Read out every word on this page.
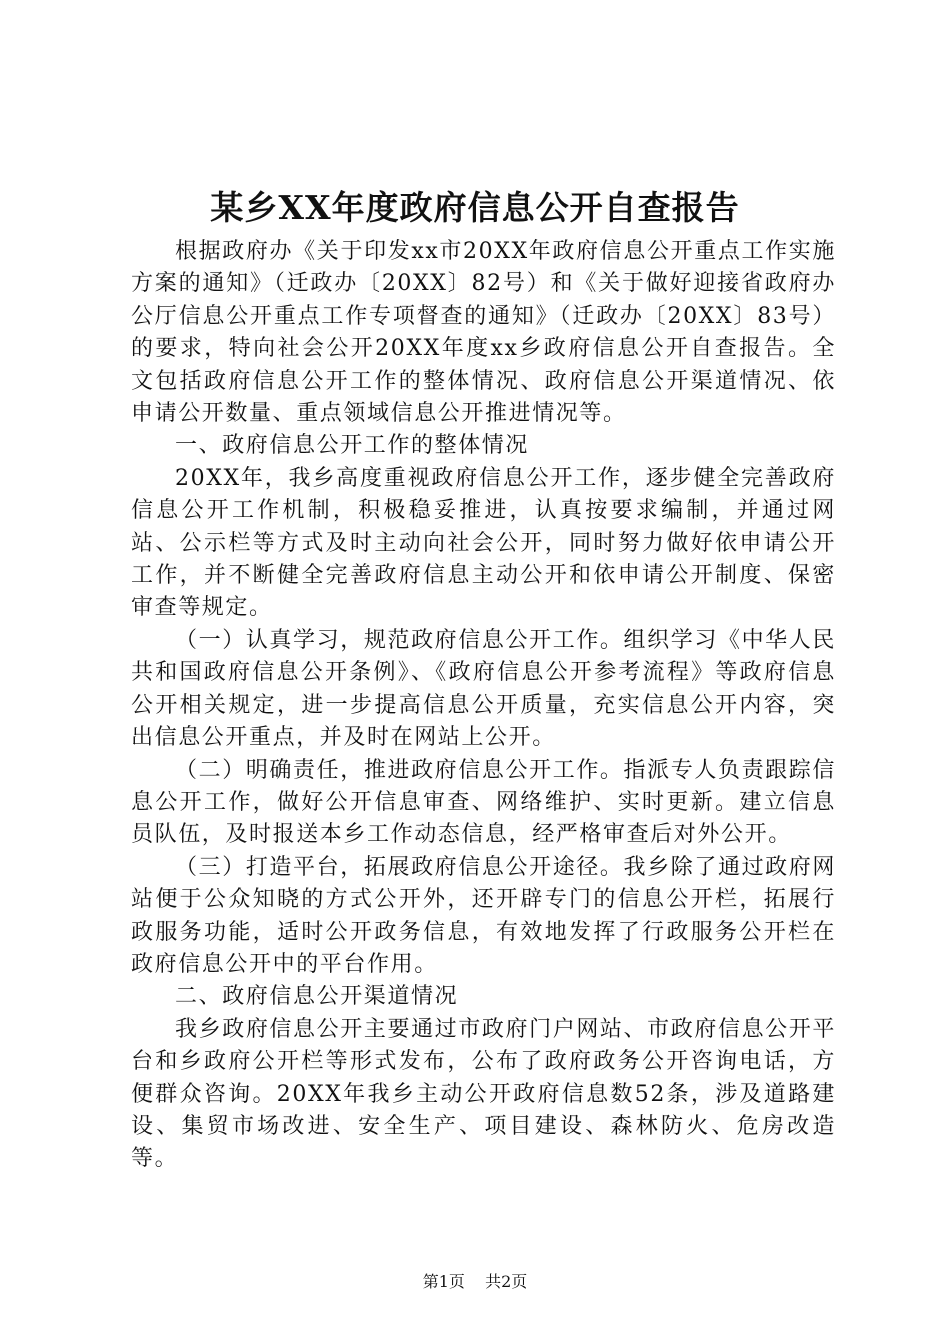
某乡XX年度政府信息公开自查报告

根据政府办《关于印发xx市20XX年政府信息公开重点工作实施方案的通知》（迁政办〔20XX〕82号）和《关于做好迎接省政府办公厅信息公开重点工作专项督查的通知》（迁政办〔20XX〕83号）的要求，特向社会公开20XX年度xx乡政府信息公开自查报告。全文包括政府信息公开工作的整体情况、政府信息公开渠道情况、依申请公开数量、重点领域信息公开推进情况等。

一、政府信息公开工作的整体情况

20XX年，我乡高度重视政府信息公开工作，逐步健全完善政府信息公开工作机制，积极稳妥推进，认真按要求编制，并通过网站、公示栏等方式及时主动向社会公开，同时努力做好依申请公开工作，并不断健全完善政府信息主动公开和依申请公开制度、保密审查等规定。

（一）认真学习，规范政府信息公开工作。组织学习《中华人民共和国政府信息公开条例》、《政府信息公开参考流程》等政府信息公开相关规定，进一步提高信息公开质量，充实信息公开内容，突出信息公开重点，并及时在网站上公开。

（二）明确责任，推进政府信息公开工作。指派专人负责跟踪信息公开工作，做好公开信息审查、网络维护、实时更新。建立信息员队伍，及时报送本乡工作动态信息，经严格审查后对外公开。

（三）打造平台，拓展政府信息公开途径。我乡除了通过政府网站便于公众知晓的方式公开外，还开辟专门的信息公开栏，拓展行政服务功能，适时公开政务信息，有效地发挥了行政服务公开栏在政府信息公开中的平台作用。

二、政府信息公开渠道情况

我乡政府信息公开主要通过市政府门户网站、市政府信息公开平台和乡政府公开栏等形式发布，公布了政府政务公开咨询电话，方便群众咨询。20XX年我乡主动公开政府信息数52条，涉及道路建设、集贸市场改进、安全生产、项目建设、森林防火、危房改造等。

第1页 共2页
